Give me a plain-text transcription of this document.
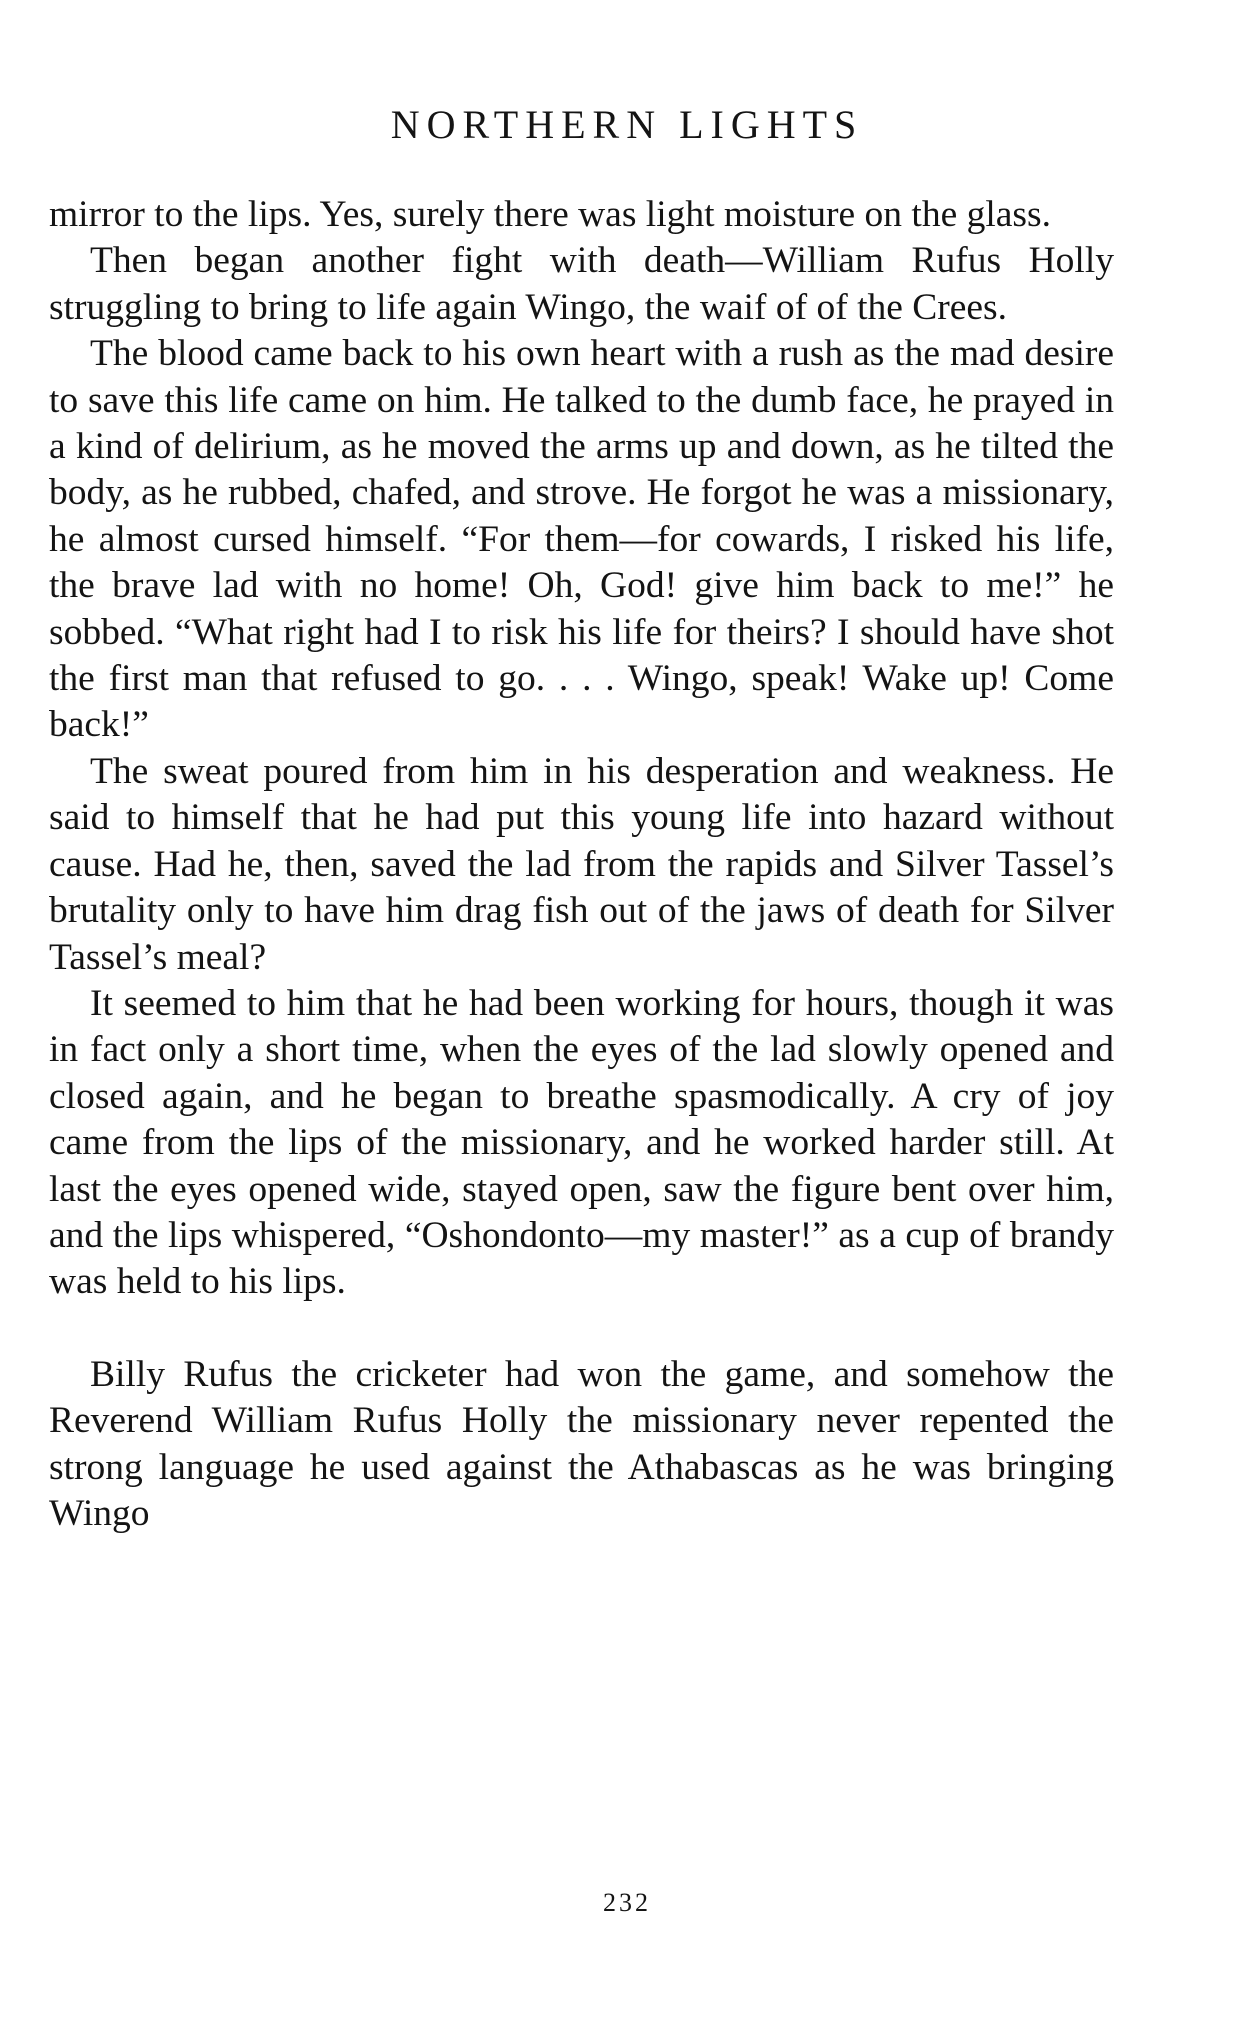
NORTHERN LIGHTS

mirror to the lips. Yes, surely there was light moisture on the glass.

Then began another fight with death—William Rufus Holly struggling to bring to life again Wingo, the waif of of the Crees.

The blood came back to his own heart with a rush as the mad desire to save this life came on him. He talked to the dumb face, he prayed in a kind of delirium, as he moved the arms up and down, as he tilted the body, as he rubbed, chafed, and strove. He forgot he was a missionary, he almost cursed himself. “For them—for cowards, I risked his life, the brave lad with no home! Oh, God! give him back to me!” he sobbed. “What right had I to risk his life for theirs? I should have shot the first man that refused to go. . . . Wingo, speak! Wake up! Come back!”

The sweat poured from him in his desperation and weakness. He said to himself that he had put this young life into hazard without cause. Had he, then, saved the lad from the rapids and Silver Tassel’s brutality only to have him drag fish out of the jaws of death for Silver Tassel’s meal?

It seemed to him that he had been working for hours, though it was in fact only a short time, when the eyes of the lad slowly opened and closed again, and he began to breathe spasmodically. A cry of joy came from the lips of the missionary, and he worked harder still. At last the eyes opened wide, stayed open, saw the figure bent over him, and the lips whispered, “Oshondonto—my master!” as a cup of brandy was held to his lips.

Billy Rufus the cricketer had won the game, and somehow the Reverend William Rufus Holly the missionary never repented the strong language he used against the Athabascas as he was bringing Wingo

232
